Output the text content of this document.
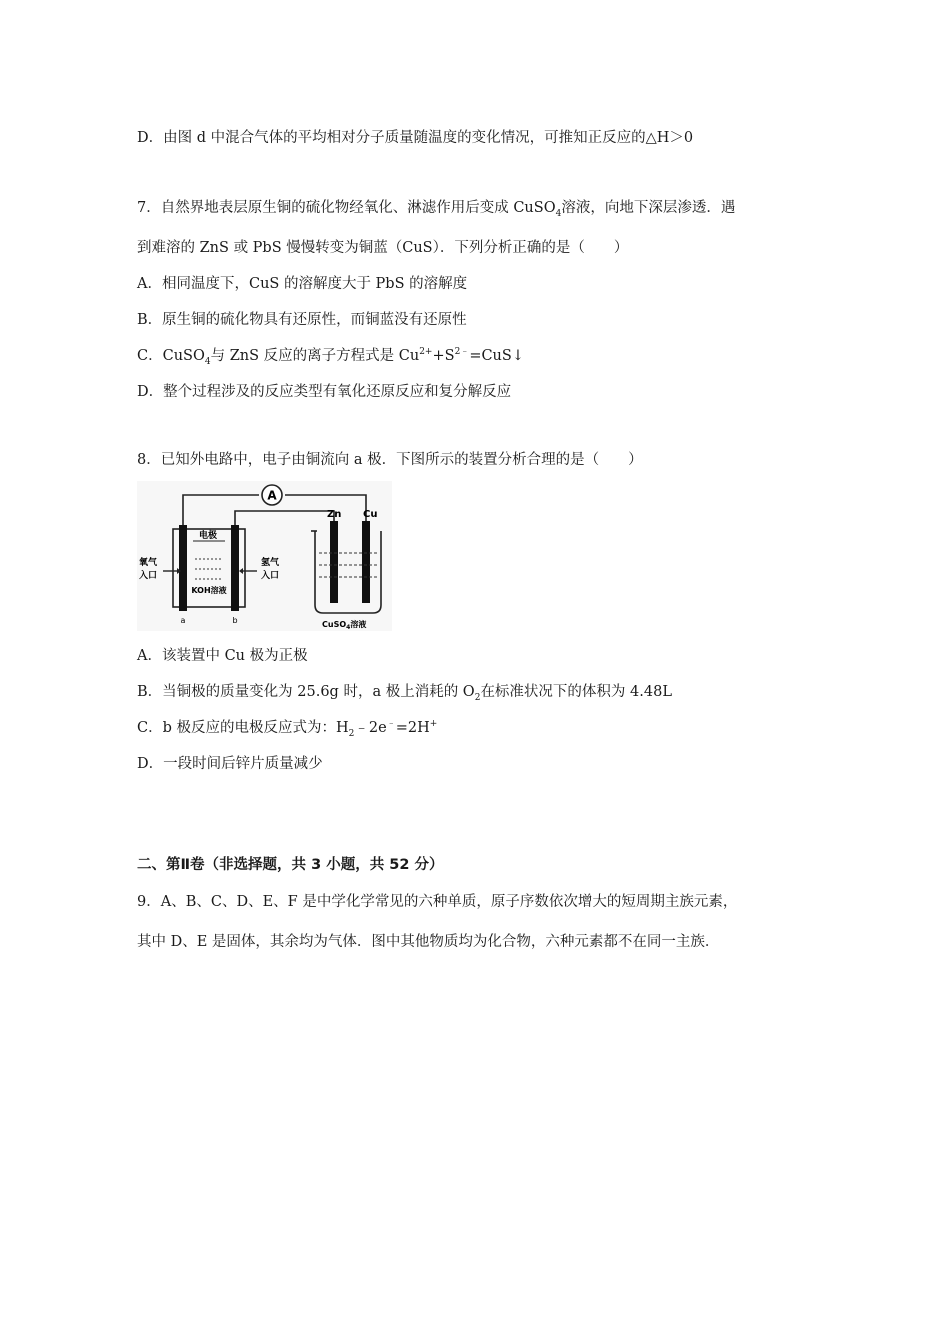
D．由图 d 中混合气体的平均相对分子质量随温度的变化情况，可推知正反应的△H＞0
7．自然界地表层原生铜的硫化物经氧化、淋滤作用后变成 CuSO$_4$溶液，向地下深层渗透．遇
到难溶的 ZnS 或 PbS 慢慢转变为铜蓝（CuS）．下列分析正确的是（　　）
A．相同温度下，CuS 的溶解度大于 PbS 的溶解度
B．原生铜的硫化物具有还原性，而铜蓝没有还原性
C．CuSO$_4$与 ZnS 反应的离子方程式是 $Cu^{2+}+S^{2﹣}=CuS↓$
D．整个过程涉及的反应类型有氧化还原反应和复分解反应
8．已知外电路中，电子由铜流向 a 极．下图所示的装置分析合理的是（　　）
A
电极
KOH溶液
a	b
氧气
入口
氢气
入口
Zn Cu
CuSO$_4$溶液
A．该装置中 Cu 极为正极
B．当铜极的质量变化为 25.6g 时，a 极上消耗的 $O_2$在标准状况下的体积为 4.48L
C．b 极反应的电极反应式为：$H_2﹣2e^﹣=2H^+$
D．一段时间后锌片质量减少
二、第Ⅱ卷（非选择题，共 3 小题，共 52 分）
9．A、B、C、D、E、F 是中学化学常见的六种单质，原子序数依次增大的短周期主族元素，
其中 D、E 是固体，其余均为气体．图中其他物质均为化合物，六种元素都不在同一主族．
